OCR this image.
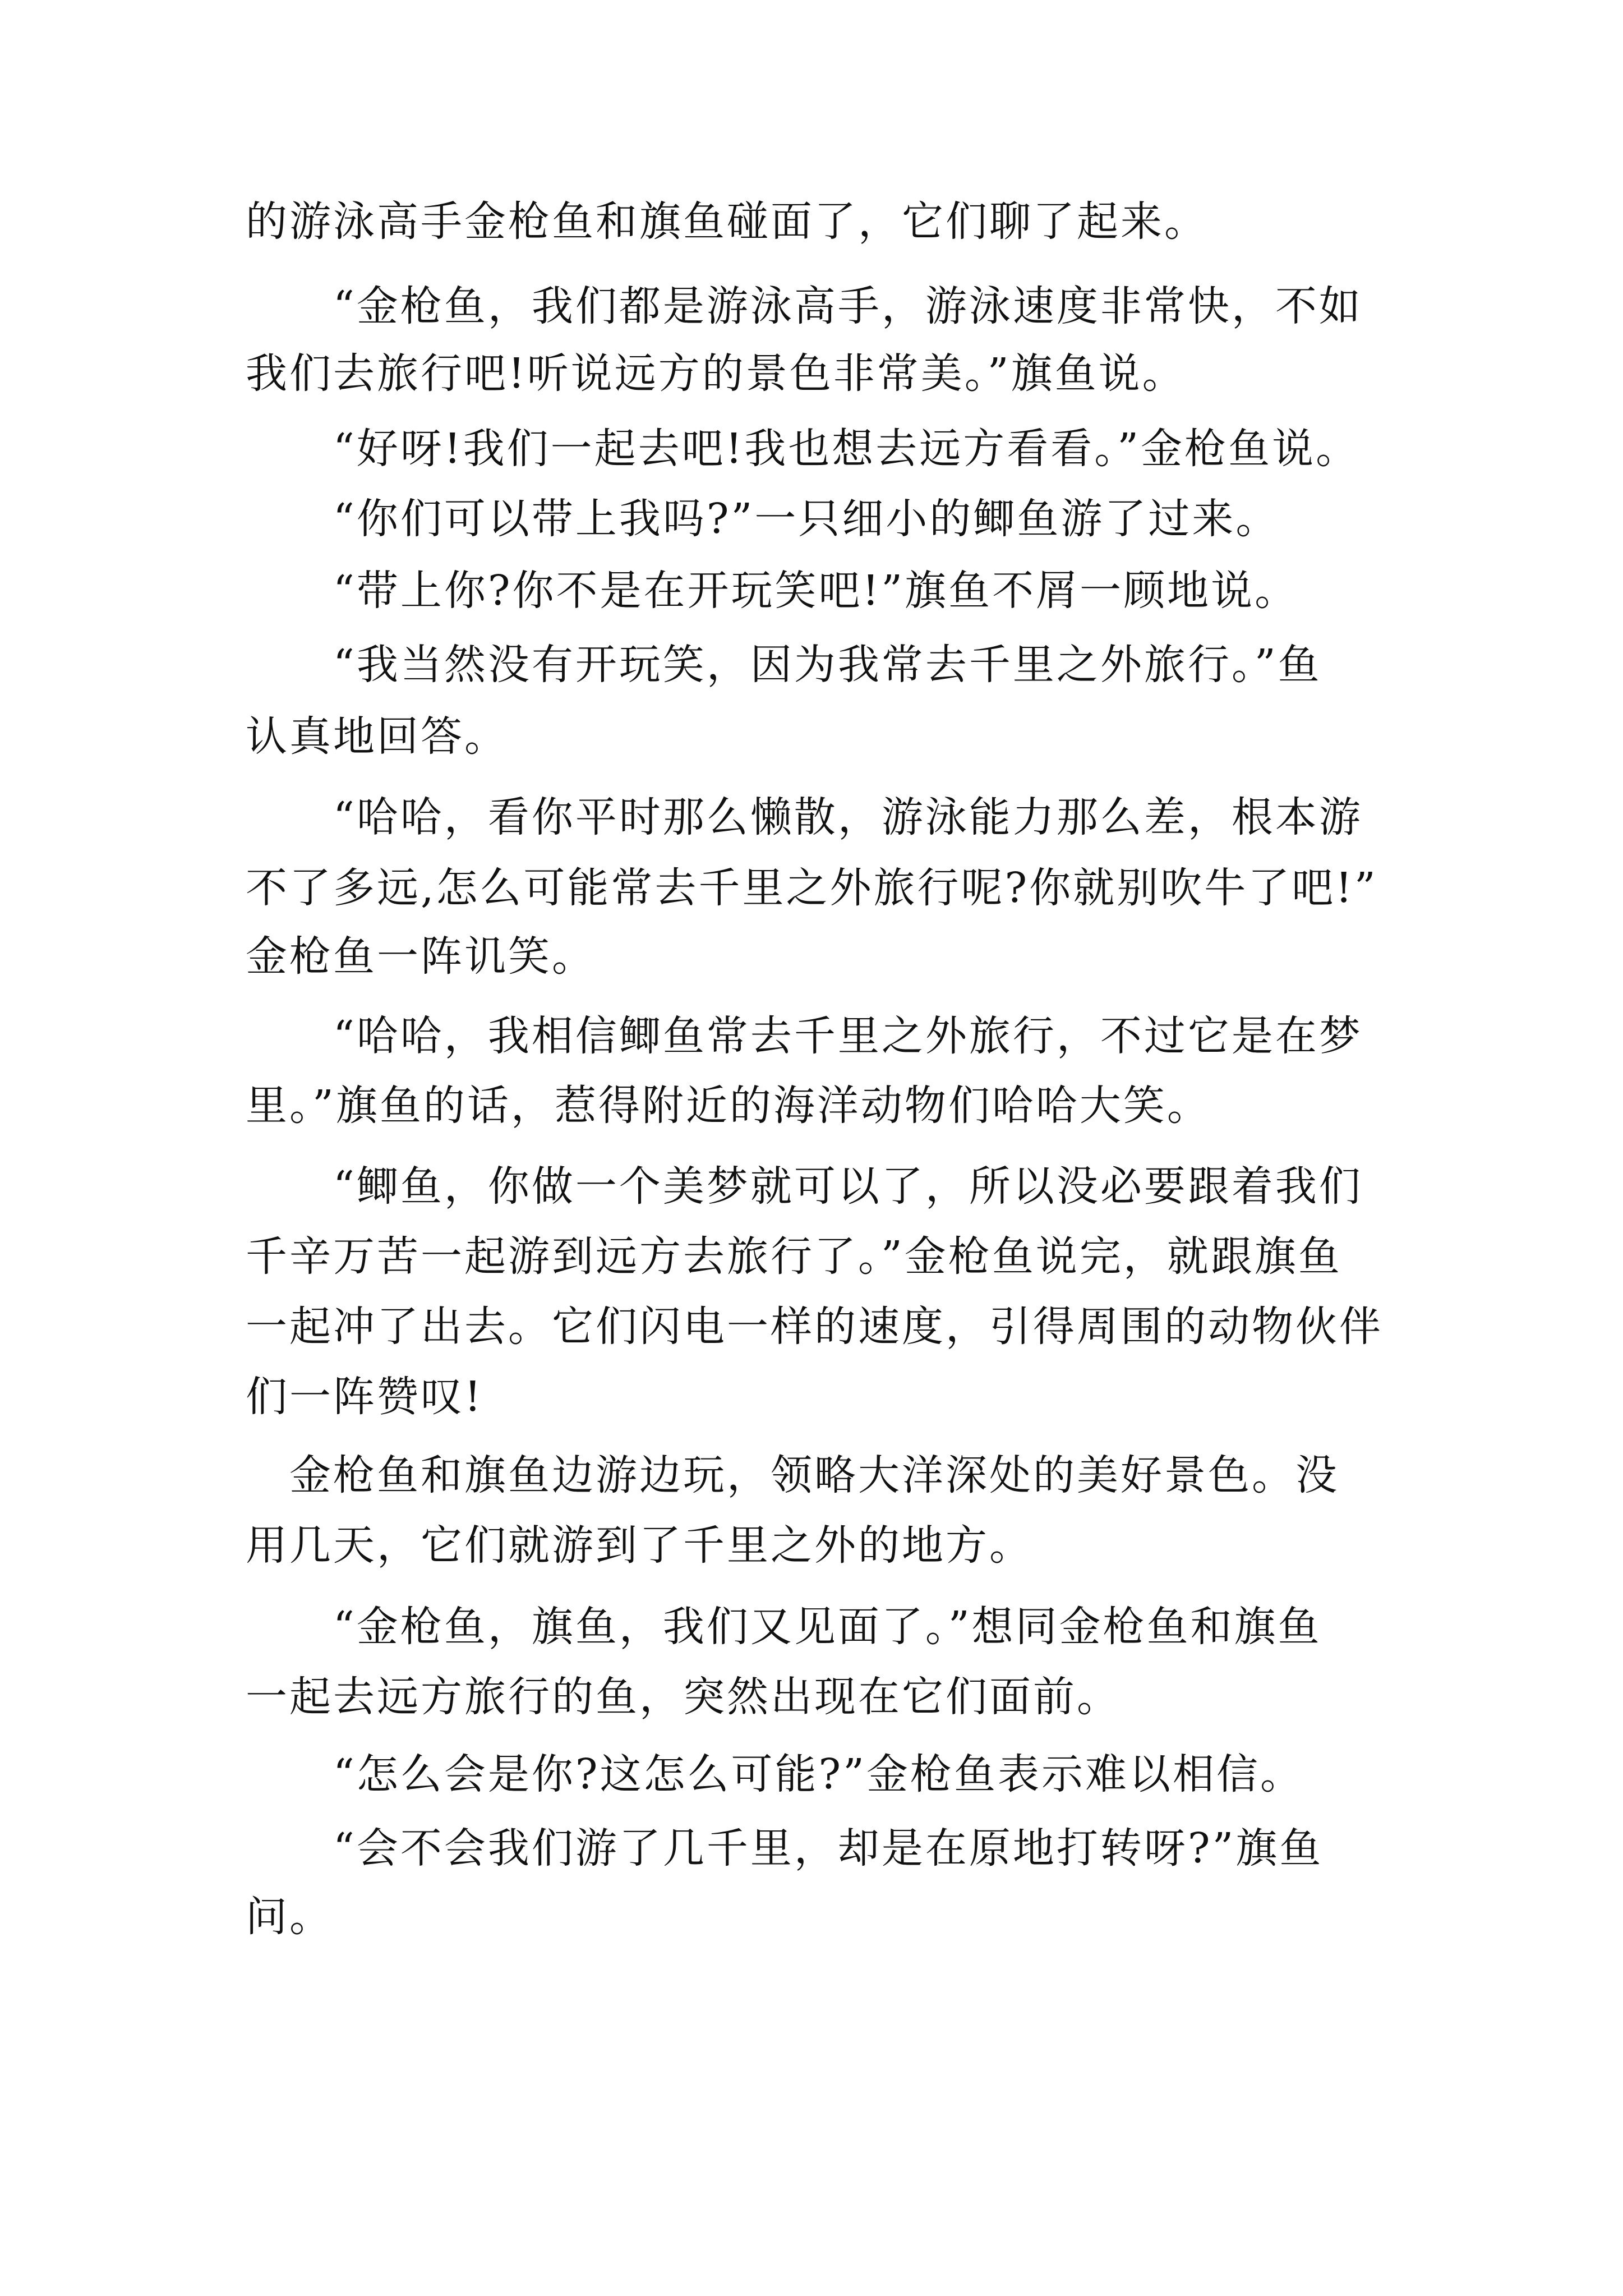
的游泳高手金枪鱼和旗鱼碰面了，它们聊了起来。
　　“金枪鱼，我们都是游泳高手，游泳速度非常快，不如
我们去旅行吧!听说远方的景色非常美。”旗鱼说。
　　“好呀!我们一起去吧!我也想去远方看看。”金枪鱼说。
　　“你们可以带上我吗?”一只细小的鲫鱼游了过来。
　　“带上你?你不是在开玩笑吧!”旗鱼不屑一顾地说。
　　“我当然没有开玩笑，因为我常去千里之外旅行。”鱼
认真地回答。
　　“哈哈，看你平时那么懒散，游泳能力那么差，根本游
不了多远,怎么可能常去千里之外旅行呢?你就别吹牛了吧!”
金枪鱼一阵讥笑。
　　“哈哈，我相信鲫鱼常去千里之外旅行，不过它是在梦
里。”旗鱼的话，惹得附近的海洋动物们哈哈大笑。
　　“鲫鱼，你做一个美梦就可以了，所以没必要跟着我们
千辛万苦一起游到远方去旅行了。”金枪鱼说完，就跟旗鱼
一起冲了出去。它们闪电一样的速度，引得周围的动物伙伴
们一阵赞叹!
　金枪鱼和旗鱼边游边玩，领略大洋深处的美好景色。没
用几天，它们就游到了千里之外的地方。
　　“金枪鱼，旗鱼，我们又见面了。”想同金枪鱼和旗鱼
一起去远方旅行的鱼，突然出现在它们面前。
　　“怎么会是你?这怎么可能?”金枪鱼表示难以相信。
　　“会不会我们游了几千里，却是在原地打转呀?”旗鱼
问。
